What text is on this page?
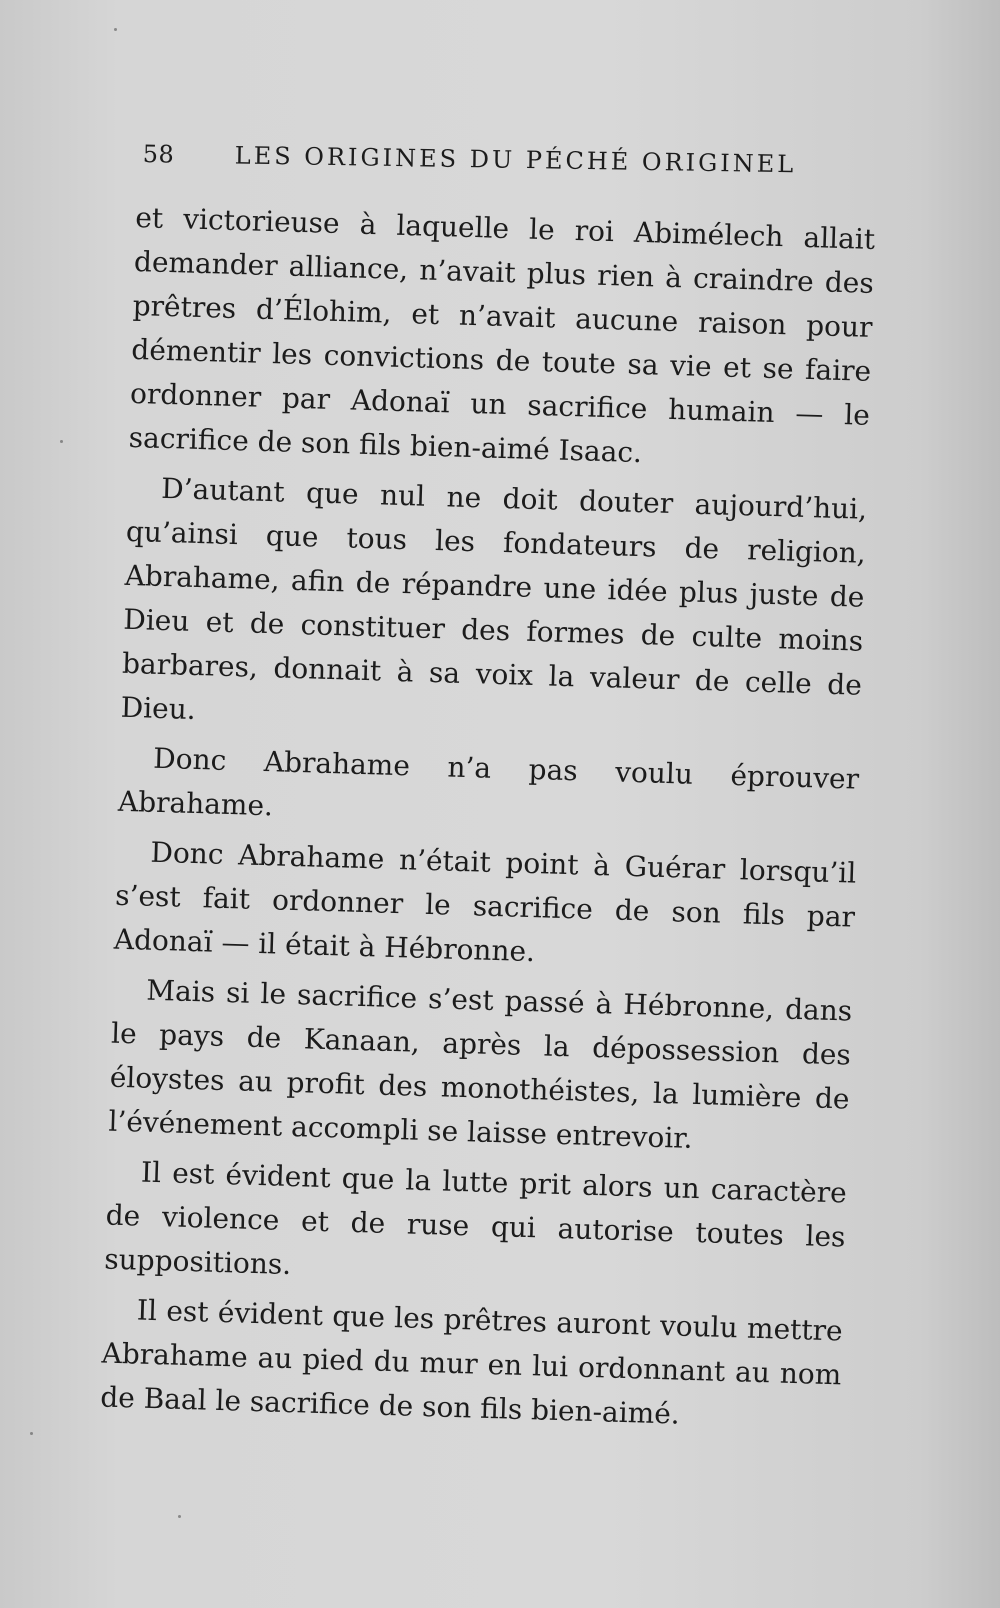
58	LES ORIGINES DU PÉCHÉ ORIGINEL

et victorieuse à laquelle le roi Abimélech allait demander alliance, n’avait plus rien à craindre des prêtres d’Élohim, et n’avait aucune raison pour démentir les convictions de toute sa vie et se faire ordonner par Adonaï un sacrifice humain — le sacrifice de son fils bien-aimé Isaac.

D’autant que nul ne doit douter aujourd’hui, qu’ainsi que tous les fondateurs de religion, Abrahame, afin de répandre une idée plus juste de Dieu et de constituer des formes de culte moins barbares, donnait à sa voix la valeur de celle de Dieu.

Donc Abrahame n’a pas voulu éprouver Abrahame.

Donc Abrahame n’était point à Guérar lorsqu’il s’est fait ordonner le sacrifice de son fils par Adonaï — il était à Hébronne.

Mais si le sacrifice s’est passé à Hébronne, dans le pays de Kanaan, après la dépossession des éloystes au profit des monothéistes, la lumière de l’événement accompli se laisse entrevoir.

Il est évident que la lutte prit alors un caractère de violence et de ruse qui autorise toutes les suppositions.

Il est évident que les prêtres auront voulu mettre Abrahame au pied du mur en lui ordonnant au nom de Baal le sacrifice de son fils bien-aimé.
